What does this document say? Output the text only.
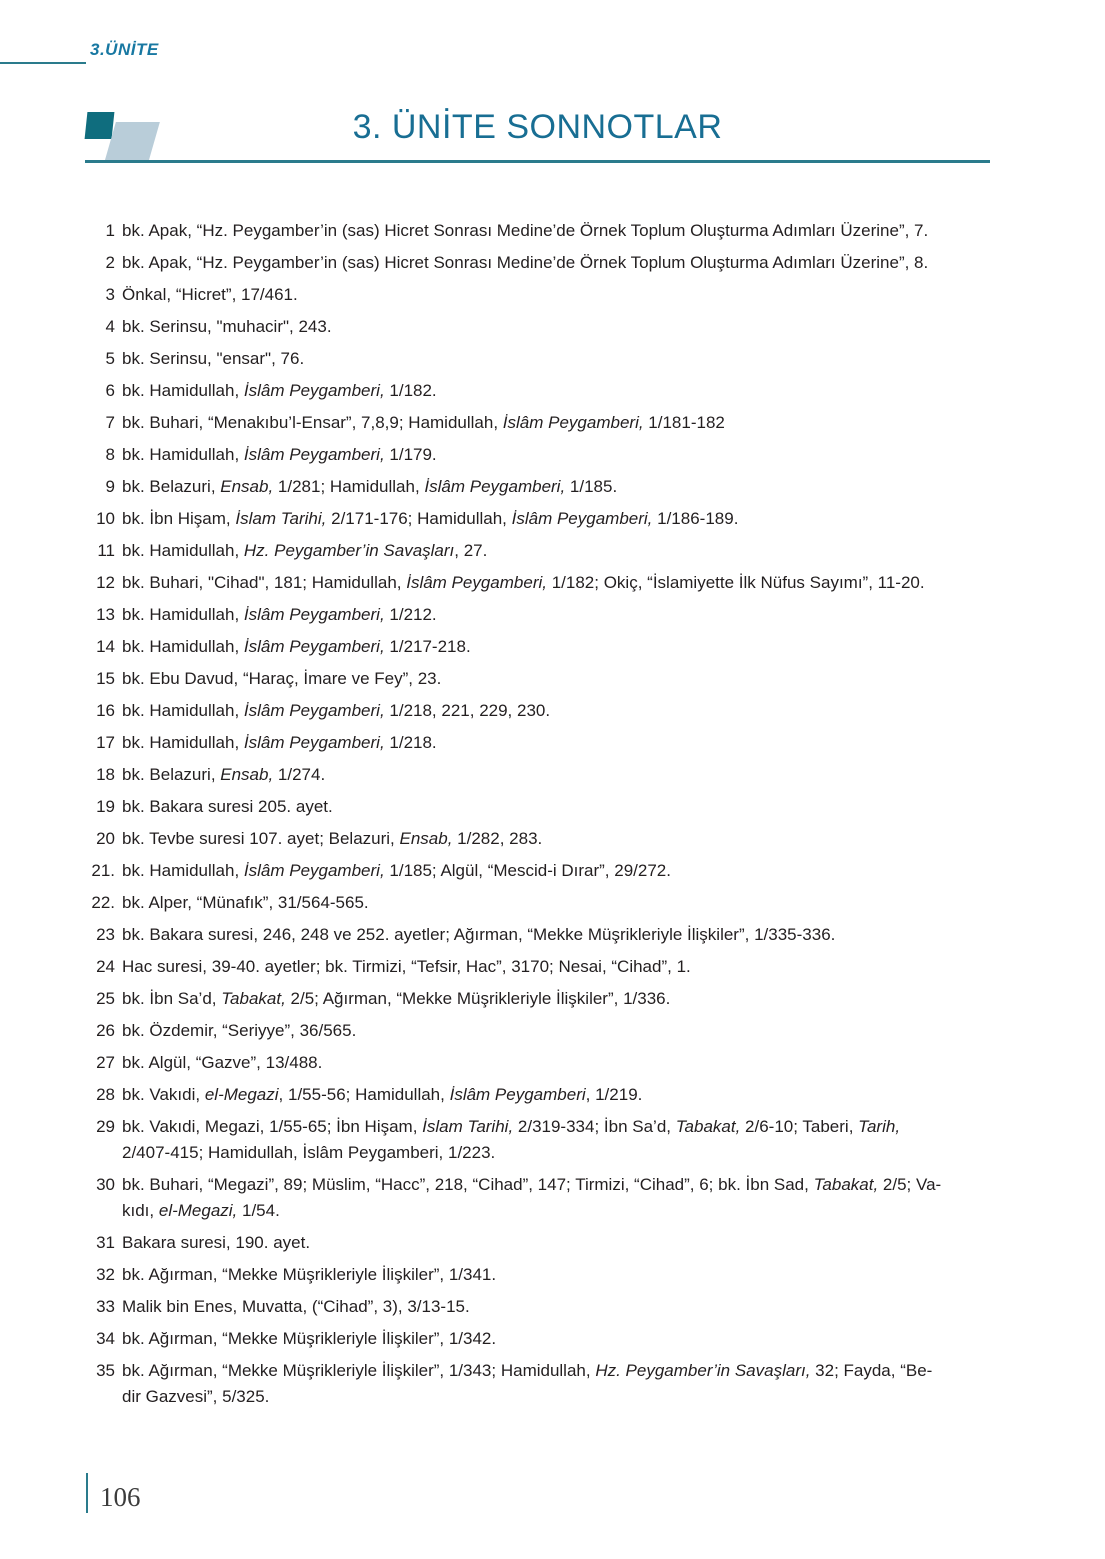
3.ÜNİTE
3. ÜNİTE SONNOTLAR
1 bk. Apak, “Hz. Peygamber’in (sas) Hicret Sonrası Medine’de Örnek Toplum Oluşturma Adımları Üzerine”, 7.
2 bk. Apak, “Hz. Peygamber’in (sas) Hicret Sonrası Medine’de Örnek Toplum Oluşturma Adımları Üzerine”, 8.
3 Önkal, “Hicret”, 17/461.
4 bk. Serinsu, "muhacir", 243.
5 bk. Serinsu, "ensar", 76.
6 bk. Hamidullah, İslâm Peygamberi, 1/182.
7 bk. Buhari, “Menakıbu’l-Ensar”, 7,8,9; Hamidullah, İslâm Peygamberi, 1/181-182
8 bk. Hamidullah, İslâm Peygamberi, 1/179.
9 bk. Belazuri, Ensab, 1/281; Hamidullah, İslâm Peygamberi, 1/185.
10 bk. İbn Hişam, İslam Tarihi, 2/171-176; Hamidullah, İslâm Peygamberi, 1/186-189.
11 bk. Hamidullah, Hz. Peygamber’in Savaşları, 27.
12 bk. Buhari, "Cihad", 181; Hamidullah, İslâm Peygamberi, 1/182; Okiç, “İslamiyette İlk Nüfus Sayımı”, 11-20.
13 bk. Hamidullah, İslâm Peygamberi, 1/212.
14 bk. Hamidullah, İslâm Peygamberi, 1/217-218.
15 bk. Ebu Davud, “Haraç, İmare ve Fey”, 23.
16 bk. Hamidullah, İslâm Peygamberi, 1/218, 221, 229, 230.
17 bk. Hamidullah, İslâm Peygamberi, 1/218.
18 bk. Belazuri, Ensab, 1/274.
19 bk. Bakara suresi 205. ayet.
20 bk. Tevbe suresi 107. ayet; Belazuri, Ensab, 1/282, 283.
21. bk. Hamidullah, İslâm Peygamberi, 1/185; Algül, “Mescid-i Dırar”, 29/272.
22. bk. Alper, “Münafık”, 31/564-565.
23 bk. Bakara suresi, 246, 248 ve 252. ayetler; Ağırman, “Mekke Müşrikleriyle İlişkiler”, 1/335-336.
24 Hac suresi, 39-40. ayetler; bk. Tirmizi, “Tefsir, Hac”, 3170; Nesai, “Cihad”, 1.
25 bk. İbn Sa’d, Tabakat, 2/5; Ağırman, “Mekke Müşrikleriyle İlişkiler”, 1/336.
26 bk. Özdemir, “Seriyye”, 36/565.
27 bk. Algül, “Gazve”, 13/488.
28 bk. Vakıdi, el-Megazi, 1/55-56; Hamidullah, İslâm Peygamberi, 1/219.
29 bk. Vakıdi, Megazi, 1/55-65; İbn Hişam, İslam Tarihi, 2/319-334; İbn Sa’d, Tabakat, 2/6-10; Taberi, Tarih,
2/407-415; Hamidullah, İslâm Peygamberi, 1/223.
30 bk. Buhari, “Megazi”, 89; Müslim, “Hacc”, 218, “Cihad”, 147; Tirmizi, “Cihad”, 6; bk. İbn Sad, Tabakat, 2/5; Va-
kıdı, el-Megazi, 1/54.
31 Bakara suresi, 190. ayet.
32 bk. Ağırman, “Mekke Müşrikleriyle İlişkiler”, 1/341.
33 Malik bin Enes, Muvatta, (“Cihad”, 3), 3/13-15.
34 bk. Ağırman, “Mekke Müşrikleriyle İlişkiler”, 1/342.
35 bk. Ağırman, “Mekke Müşrikleriyle İlişkiler”, 1/343; Hamidullah, Hz. Peygamber’in Savaşları, 32; Fayda, “Be-
dir Gazvesi”, 5/325.
106
